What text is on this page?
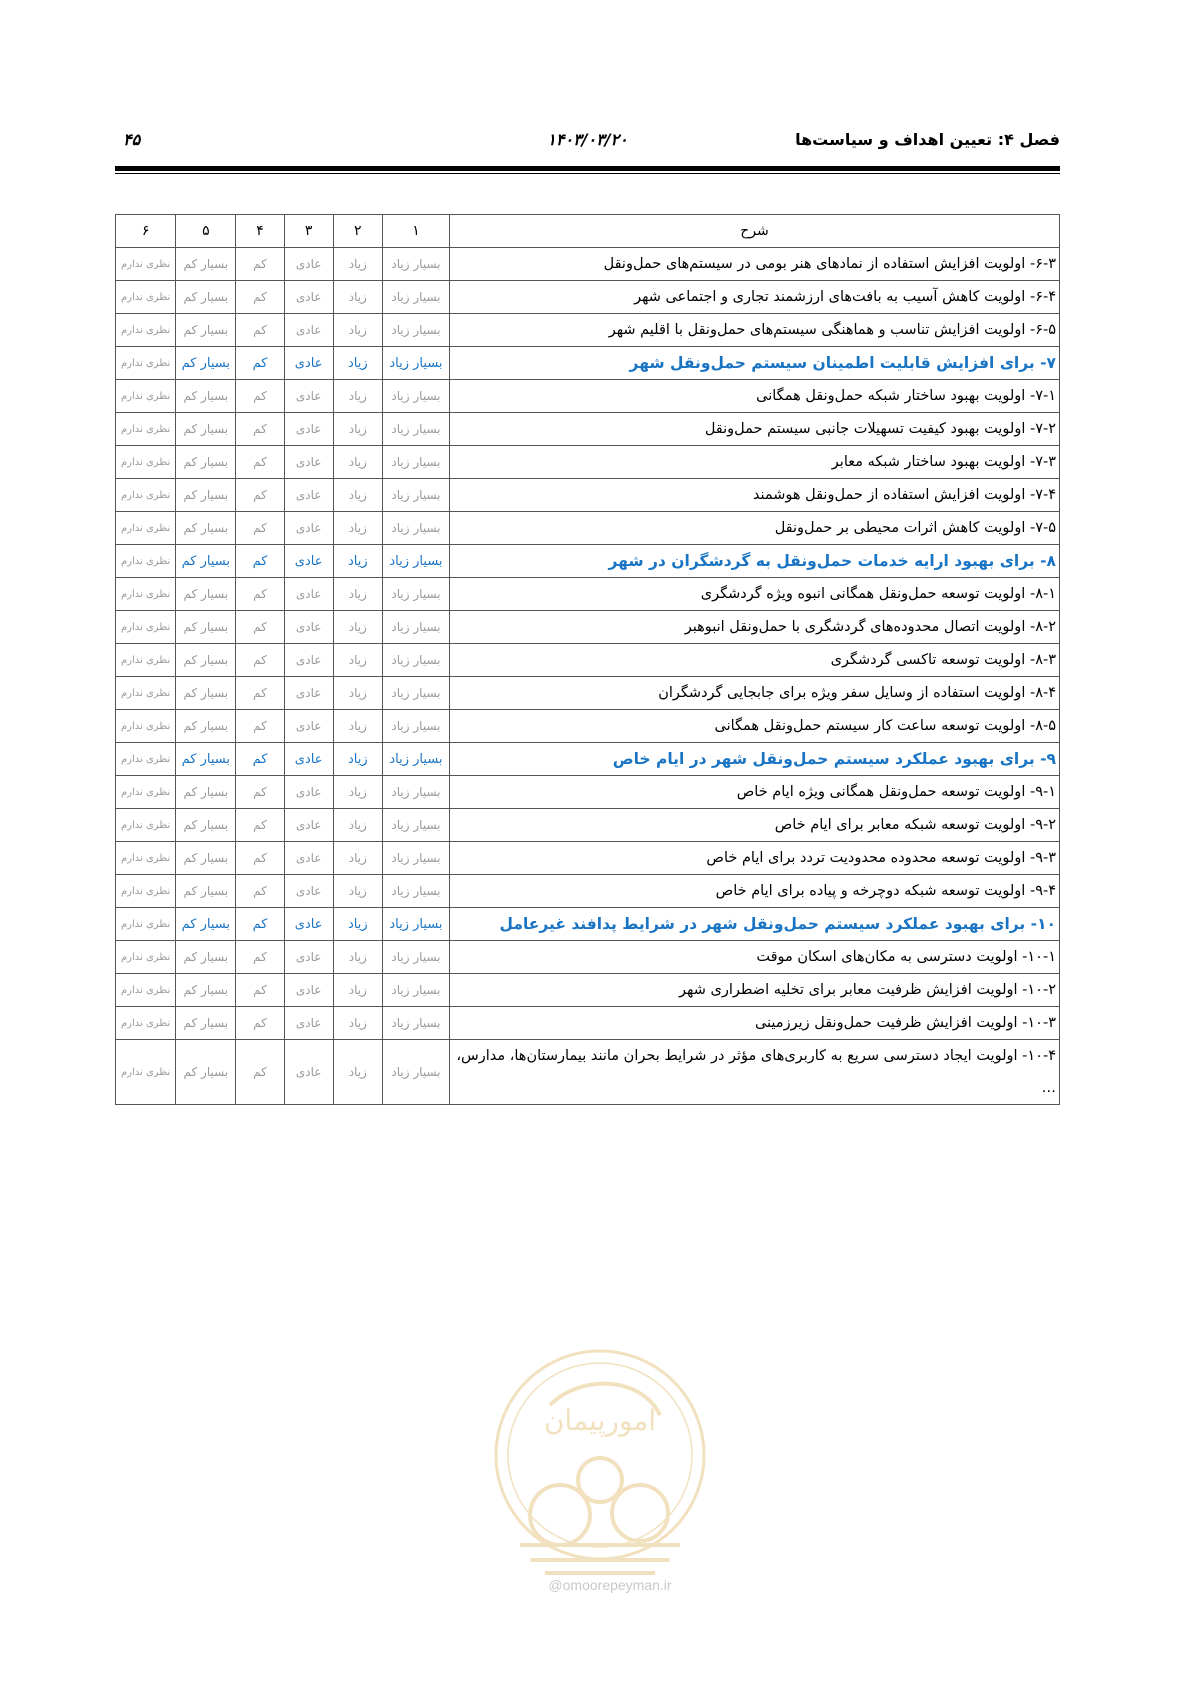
فصل ۴: تعیین اهداف و سیاست‌ها
۱۴۰۳/۰۳/۲۰
۴۵
شرح	۱	۲	۳	۴	۵	۶
۶-۳- اولویت افزایش استفاده از نمادهای هنر بومی در سیستم‌های حمل‌ونقل	بسیار زیاد	زیاد	عادی	کم	بسیار کم	نظری ندارم
۶-۴- اولویت کاهش آسیب به بافت‌های ارزشمند تجاری و اجتماعی شهر	بسیار زیاد	زیاد	عادی	کم	بسیار کم	نظری ندارم
۶-۵- اولویت افزایش تناسب و هماهنگی سیستم‌های حمل‌ونقل با اقلیم شهر	بسیار زیاد	زیاد	عادی	کم	بسیار کم	نظری ندارم
۷- برای افزایش قابلیت اطمینان سیستم حمل‌ونقل شهر	بسیار زیاد	زیاد	عادی	کم	بسیار کم	نظری ندارم
۷-۱- اولویت بهبود ساختار شبکه حمل‌ونقل همگانی	بسیار زیاد	زیاد	عادی	کم	بسیار کم	نظری ندارم
۷-۲- اولویت بهبود کیفیت تسهیلات جانبی سیستم حمل‌ونقل	بسیار زیاد	زیاد	عادی	کم	بسیار کم	نظری ندارم
۷-۳- اولویت بهبود ساختار شبکه معابر	بسیار زیاد	زیاد	عادی	کم	بسیار کم	نظری ندارم
۷-۴- اولویت افزایش استفاده از حمل‌ونقل هوشمند	بسیار زیاد	زیاد	عادی	کم	بسیار کم	نظری ندارم
۷-۵- اولویت کاهش اثرات محیطی بر حمل‌ونقل	بسیار زیاد	زیاد	عادی	کم	بسیار کم	نظری ندارم
۸- برای بهبود ارایه خدمات حمل‌ونقل به گردشگران در شهر	بسیار زیاد	زیاد	عادی	کم	بسیار کم	نظری ندارم
۸-۱- اولویت توسعه حمل‌ونقل همگانی انبوه ویژه گردشگری	بسیار زیاد	زیاد	عادی	کم	بسیار کم	نظری ندارم
۸-۲- اولویت اتصال محدوده‌های گردشگری با حمل‌ونقل انبوهبر	بسیار زیاد	زیاد	عادی	کم	بسیار کم	نظری ندارم
۸-۳- اولویت توسعه تاکسی گردشگری	بسیار زیاد	زیاد	عادی	کم	بسیار کم	نظری ندارم
۸-۴- اولویت استفاده از وسایل سفر ویژه برای جابجایی گردشگران	بسیار زیاد	زیاد	عادی	کم	بسیار کم	نظری ندارم
۸-۵- اولویت توسعه ساعت کار سیستم حمل‌ونقل همگانی	بسیار زیاد	زیاد	عادی	کم	بسیار کم	نظری ندارم
۹- برای بهبود عملکرد سیستم حمل‌ونقل شهر در ایام خاص	بسیار زیاد	زیاد	عادی	کم	بسیار کم	نظری ندارم
۹-۱- اولویت توسعه حمل‌ونقل همگانی ویژه ایام خاص	بسیار زیاد	زیاد	عادی	کم	بسیار کم	نظری ندارم
۹-۲- اولویت توسعه شبکه معابر برای ایام خاص	بسیار زیاد	زیاد	عادی	کم	بسیار کم	نظری ندارم
۹-۳- اولویت توسعه محدوده محدودیت تردد برای ایام خاص	بسیار زیاد	زیاد	عادی	کم	بسیار کم	نظری ندارم
۹-۴- اولویت توسعه شبکه دوچرخه و پیاده برای ایام خاص	بسیار زیاد	زیاد	عادی	کم	بسیار کم	نظری ندارم
۱۰- برای بهبود عملکرد سیستم حمل‌ونقل شهر در شرایط پدافند غیرعامل	بسیار زیاد	زیاد	عادی	کم	بسیار کم	نظری ندارم
۱۰-۱- اولویت دسترسی به مکان‌های اسکان موقت	بسیار زیاد	زیاد	عادی	کم	بسیار کم	نظری ندارم
۱۰-۲- اولویت افزایش ظرفیت معابر برای تخلیه اضطراری شهر	بسیار زیاد	زیاد	عادی	کم	بسیار کم	نظری ندارم
۱۰-۳- اولویت افزایش ظرفیت حمل‌ونقل زیرزمینی	بسیار زیاد	زیاد	عادی	کم	بسیار کم	نظری ندارم
۱۰-۴- اولویت ایجاد دسترسی سریع به کاربری‌های مؤثر در شرایط بحران مانند بیمارستان‌ها، مدارس، …	بسیار زیاد	زیاد	عادی	کم	بسیار کم	نظری ندارم
امورپیمان
@omoorepeyman.ir
